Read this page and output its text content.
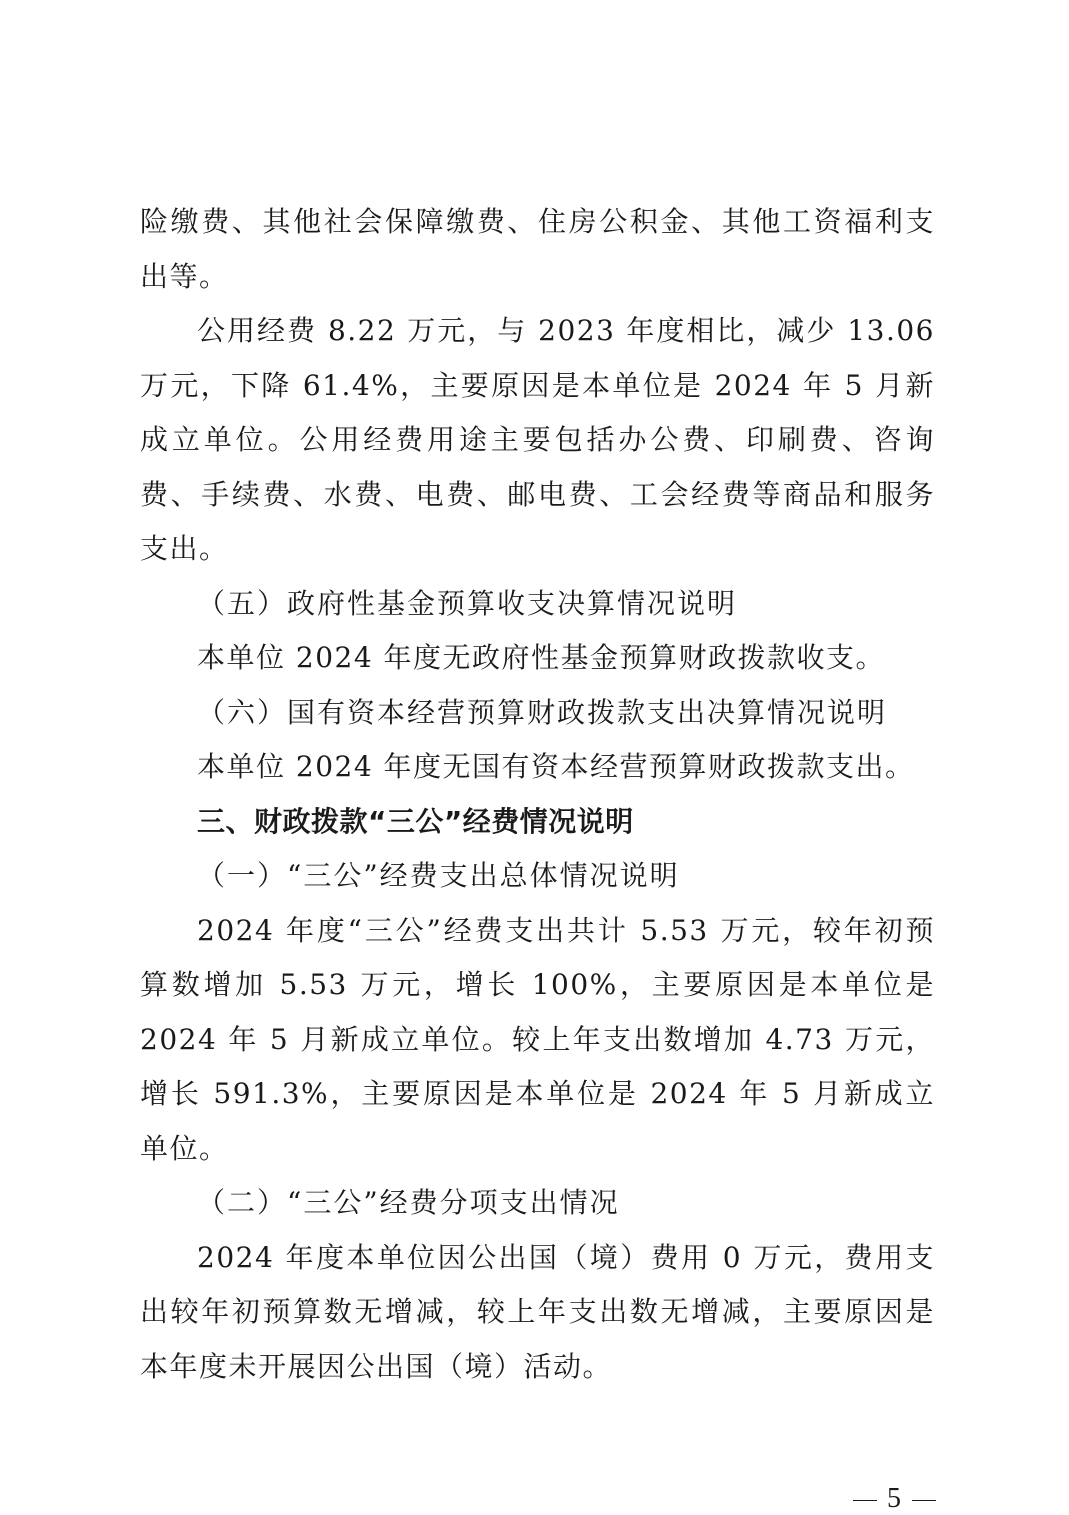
险缴费、其他社会保障缴费、住房公积金、其他工资福利支出等。

公用经费 8.22 万元，与 2023 年度相比，减少 13.06 万元，下降 61.4%，主要原因是本单位是 2024 年 5 月新成立单位。公用经费用途主要包括办公费、印刷费、咨询费、手续费、水费、电费、邮电费、工会经费等商品和服务支出。

（五）政府性基金预算收支决算情况说明

本单位 2024 年度无政府性基金预算财政拨款收支。

（六）国有资本经营预算财政拨款支出决算情况说明

本单位 2024 年度无国有资本经营预算财政拨款支出。

三、财政拨款“三公”经费情况说明

（一）“三公”经费支出总体情况说明

2024 年度“三公”经费支出共计 5.53 万元，较年初预算数增加 5.53 万元，增长 100%，主要原因是本单位是 2024 年 5 月新成立单位。较上年支出数增加 4.73 万元，增长 591.3%，主要原因是本单位是 2024 年 5 月新成立单位。

（二）“三公”经费分项支出情况

2024 年度本单位因公出国（境）费用 0 万元，费用支出较年初预算数无增减，较上年支出数无增减，主要原因是本年度未开展因公出国（境）活动。

5
